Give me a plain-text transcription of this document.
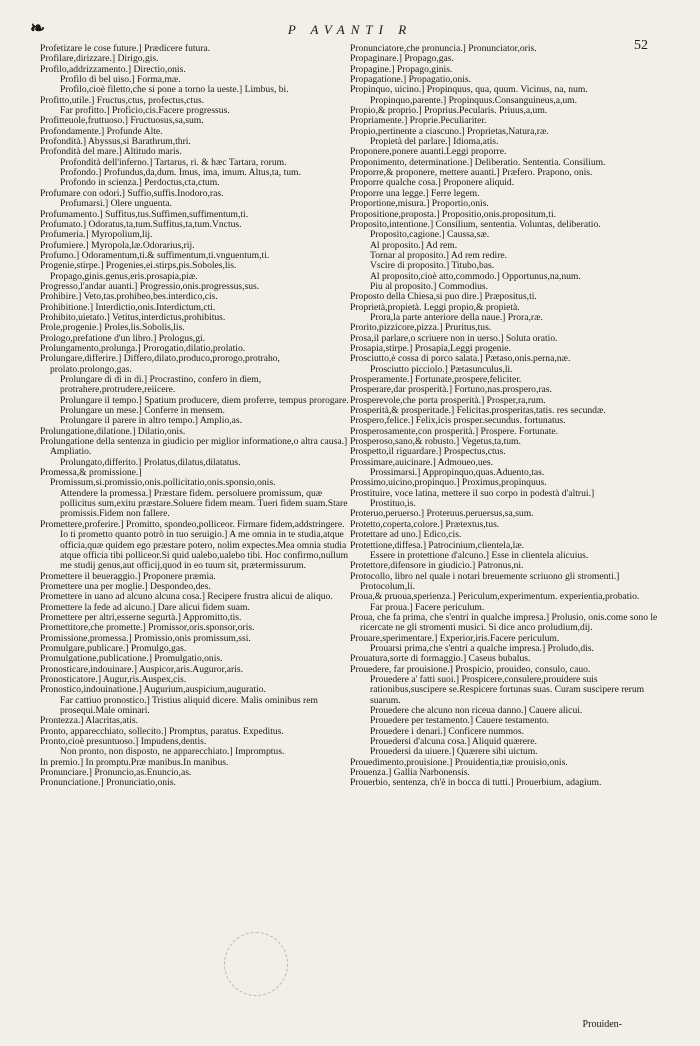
❧	P AVANTI R
52
Profetizare le cose future.] Prædicere futura.
Profilare,dirizzare.] Dirigo,gis.
Profilo,addrizzamento.] Directio,onis.
Profilo di bel uiso.] Forma,mæ.
Profilo,cioè filetto,che si pone a torno la ueste.] Limbus, bi.
Profitto,utile.] Fructus,ctus, profectus,ctus.
Far profitto.] Proficio,cis.Facere progressus.
Profitteuole,fruttuoso.] Fructuosus,sa,sum.
Profondamente.] Profunde Alte.
Profondità.] Abyssus,si Barathrum,thri.
Profondità del mare.] Altitudo maris.
Profondità dell'inferno.] Tartarus, ri. & hæc Tartara, rorum.
Profondo.] Profundus,da,dum. Imus, ima, imum. Altus,ta, tum.
Profondo in scienza.] Perdoctus,cta,ctum.
Profumare con odori.] Suffio,suffis.Inodoro,ras.
Profumarsi.] Olere unguenta.
Profumamento.] Suffitus,tus.Suffimen,suffimentum,ti.
Profumato.] Odoratus,ta,tum.Suffitus,ta,tum.Vnctus.
Profumeria.] Myropolium,lij.
Profumiere.] Myropola,læ.Odorarius,rij.
Profumo.] Odoramentum,ti.& suffimentum,ti.vnguentum,ti.
Progenie,stirpe.] Progenies,ei.stirps,pis.Soboles,lis. Propago,ginis.genus,eris.prosapia,piæ.
Progresso,l'andar auanti.] Progressio,onis.progressus,sus.
Prohibire.] Veto,tas.prohibeo,bes.interdico,cis.
Prohibitione.] Interdictio,onis.Interdictum,cti.
Prohibito,uietato.] Vetitus,interdictus,prohibitus.
Prole,progenie.] Proles,lis.Sobolis,lis.
Prologo,prefatione d'un libro.] Prologus,gi.
Prolungamento,prolunga.] Prorogatio,dilatio,prolatio.
Prolungare,differire.] Differo,dilato,produco,prorogo,protraho, prolato.prolongo,gas.
Prolungare di di in di.] Procrastino, confero in diem, protrahere,protrudere,reiicere.
Prolungare il tempo.] Spatium producere, diem proferre, tempus prorogare.
Prolungare un mese.] Conferre in mensem.
Prolungare il parere in altro tempo.] Amplio,as.
Prolungatione,dilatione.] Dilatio,onis.
Prolungatione della sentenza in giudicio per miglior informatione,o altra causa.] Ampliatio.
Prolungato,differito.] Prolatus,dilatus,dilatatus.
Promessa,& promissione.] Promissum,si.promissio,onis.pollicitatio,onis.sponsio,onis.
Attendere la promessa.] Præstare fidem. persoluere promissum, quæ pollicitus sum,exitu præstare.Soluere fidem meam. Tueri fidem suam.Stare promissis.Fidem non fallere.
Promettere,proferire.] Promitto, spondeo,polliceor. Firmare fidem,addstringere.
Io ti prometto quanto potrò in tuo seruigio.] A me omnia in te studia,atque officia,quæ quidem ego præstare potero, nolim expectes.Mea omnia studia atque officia tibi polliceor.Si quid ualebo,ualebo tibi. Hoc confirmo,nullum me studij genus,aut officij,quod in eo tuum sit, prætermissurum.
Promettere il beueraggio.] Proponere præmia.
Promettere una per moglie.] Despondeo,des.
Promettere in uano ad alcuno alcuna cosa.] Recipere frustra alicui de aliquo.
Promettere la fede ad alcuno.] Dare alicui fidem suam.
Promettere per altri,esserne segurtà.] Appromitto,tis.
Promettitore,che promette.] Promissor,oris.sponsor,oris.
Promissione,promessa.] Promissio,onis promissum,ssi.
Promulgare,publicare.] Promulgo,gas.
Promulgatione,publicatione.] Promulgatio,onis.
Pronosticare,indouinare.] Auspicor,aris.Auguror,aris.
Pronosticatore.] Augur,ris.Auspex,cis.
Pronostico,indouinatione.] Augurium,auspicium,auguratio.
Far cattiuo pronostico.] Tristius aliquid dicere. Malis ominibus rem prosequi.Male ominari.
Prontezza.] Alacritas,atis.
Pronto, apparecchiato, sollecito.] Promptus, paratus. Expeditus.
Pronto,cioè presuntuoso.] Impudens,dentis.
Non pronto, non disposto, ne apparecchiato.] Impromptus.
In premio.] In promptu.Præ manibus.In manibus.
Pronunciare.] Pronuncio,as.Enuncio,as.
Pronunciatione.] Pronunciatio,onis.
Pronunciatore,che pronuncia.] Pronunciator,oris.
Propaginare.] Propago,gas.
Propagine.] Propago,ginis.
Propagatione.] Propagatio,onis.
Propinquo, uicino.] Propinquus, qua, quum. Vicinus, na, num.
Propinquo,parente.] Propinquus.Consanguineus,a,um.
Propio,& proprio.] Proprius.Pecularis. Priuus,a,um.
Propriamente.] Proprie.Peculiariter.
Propio,pertinente a ciascuno.] Proprietas,Natura,ræ.
Propietà del parlare.] Idioma,atis.
Proponere,ponere auanti.Leggi proporre.
Proponimento, determinatione.] Deliberatio. Sententia. Consilium.
Proporre,& proponere, mettere auanti.] Præfero. Prapono, onis.
Proporre qualche cosa.] Proponere aliquid.
Proporre una legge.] Ferre legem.
Proportione,misura.] Proportio,onis.
Propositione,proposta.] Propositio,onis.propositum,ti.
Proposito,intentione.] Consilium, sententia. Voluntas, deliberatio.
Proposito,cagione.] Caussa,sæ.
Al proposito.] Ad rem.
Tornar al proposito.] Ad rem redire.
Vscire di proposito.] Titubo,bas.
Al proposito,cioè atto,commodo.] Opportunus,na,num.
Piu al proposito.] Commodius.
Proposto della Chiesa,si puo dire.] Præpositus,ti.
Proprietà,propietà. Leggi propio,& propietà.
Prora,la parte anteriore della naue.] Prora,ræ.
Prorito,pizzicore,pizza.] Pruritus,tus.
Prosa,il parlare,o scriuere non in uerso.] Soluta oratio.
Prosapia,stirpe.] Prosapia,Leggi progenie.
Prosciutto,è cossa di porco salata.] Pætaso,onis.perna,næ.
Prosciutto picciolo.] Pætasunculus,li.
Prosperamente.] Fortunate,prospere,feliciter.
Prosperare,dar prosperità.] Fortuno,nas.prospero,ras.
Prosperevole,che porta prosperità.] Prosper,ra,rum.
Prosperità,& prosperitade.] Felicitas.prosperitas,tatis. res secundæ.
Prospero,felice.] Felix,icis prosper.secundus. fortunatus.
Prosperosamente,con prosperità.] Prospere. Fortunate.
Prosperoso,sano,& robusto.] Vegetus,ta,tum.
Prospetto,il riguardare.] Prospectus,ctus.
Prossimare,auicinare.] Admoueo,ues.
Prossimarsi.] Appropinquo,quas.Aduento,tas.
Prossimo,uicino,propinquo.] Proximus,propinquus.
Prostituire, voce latina, mettere il suo corpo in podestà d'altrui.]
Prostituo,is.
Proteruo,peruerso.] Proteruus.peruersus,sa,sum.
Protetto,coperta,colore.] Prætextus,tus.
Protettare ad uno.] Edico,cis.
Protettione,diffesa.] Patrocinium,clientela,læ.
Essere in protettione d'alcuno.] Esse in clientela alicuius.
Protettore,difensore in giudicio.] Patronus,ni.
Protocollo, libro nel quale i notari breuemente scriuono gli stromenti.] Protocolum,li.
Proua,& pruoua,sperienza.] Periculum,experimentum. experientia,probatio.
Far proua.] Facere periculum.
Proua, che fa prima, che s'entri in qualche impresa.] Prolusio, onis.come sono le ricercate ne gli stromenti musici. Si dice anco proludium,dij.
Prouare,sperimentare.] Experior,iris.Facere periculum.
Prouarsi prima,che s'entri a qualche impresa.] Proludo,dis.
Prouatura,sorte di formaggio.] Caseus bubalus.
Prouedere, far prouisione.] Prospicio, prouideo, consulo, cauo.
Prouedere a' fatti suoi.] Prospicere,consulere,prouidere suis rationibus,suscipere se.Respicere fortunas suas. Curam suscipere rerum suarum.
Prouedere che alcuno non riceua danno.] Cauere alicui.
Prouedere per testamento.] Cauere testamento.
Prouedere i denari.] Conficere nummos.
Prouedersi d'alcuna cosa.] Aliquid quærere.
Prouedersi da uiuere.] Quærere sibi uictum.
Prouedimento,prouisione.] Prouidentia,tiæ prouisio,onis.
Prouenza.] Gallia Narbonensis.
Prouerbio, sentenza, ch'è in bocca di tutti.] Prouerbium, adagium.
Prouiden-
